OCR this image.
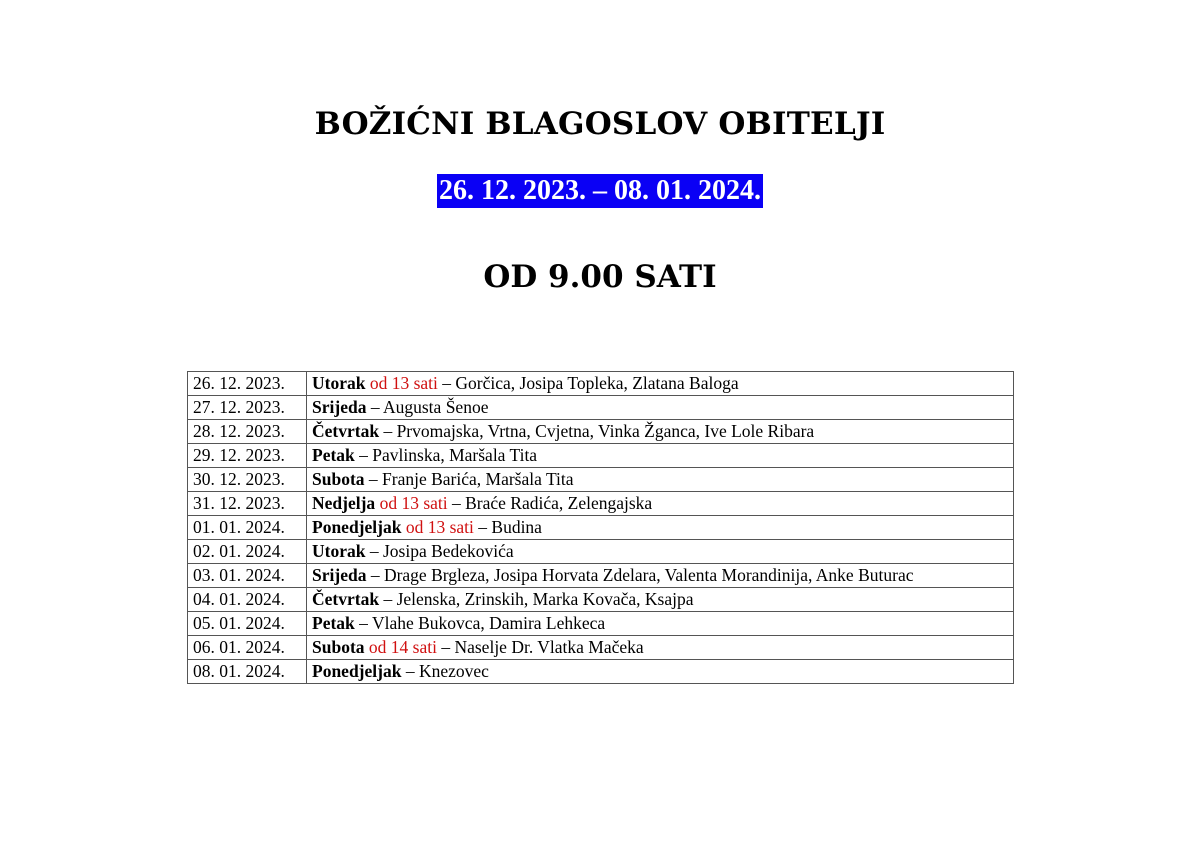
BOŽIĆNI BLAGOSLOV OBITELJI
26. 12. 2023. – 08. 01. 2024.
OD 9.00 SATI
26. 12. 2023.	Utorak od 13 sati – Gorčica, Josipa Topleka, Zlatana Baloga
27. 12. 2023.	Srijeda – Augusta Šenoe
28. 12. 2023.	Četvrtak – Prvomajska, Vrtna, Cvjetna, Vinka Žganca, Ive Lole Ribara
29. 12. 2023.	Petak – Pavlinska, Maršala Tita
30. 12. 2023.	Subota – Franje Barića, Maršala Tita
31. 12. 2023.	Nedjelja od 13 sati – Braće Radića, Zelengajska
01. 01. 2024.	Ponedjeljak od 13 sati – Budina
02. 01. 2024.	Utorak – Josipa Bedekovića
03. 01. 2024.	Srijeda – Drage Brgleza, Josipa Horvata Zdelara, Valenta Morandinija, Anke Buturac
04. 01. 2024.	Četvrtak – Jelenska, Zrinskih, Marka Kovača, Ksajpa
05. 01. 2024.	Petak – Vlahe Bukovca, Damira Lehkeca
06. 01. 2024.	Subota od 14 sati – Naselje Dr. Vlatka Mačeka
08. 01. 2024.	Ponedjeljak – Knezovec
